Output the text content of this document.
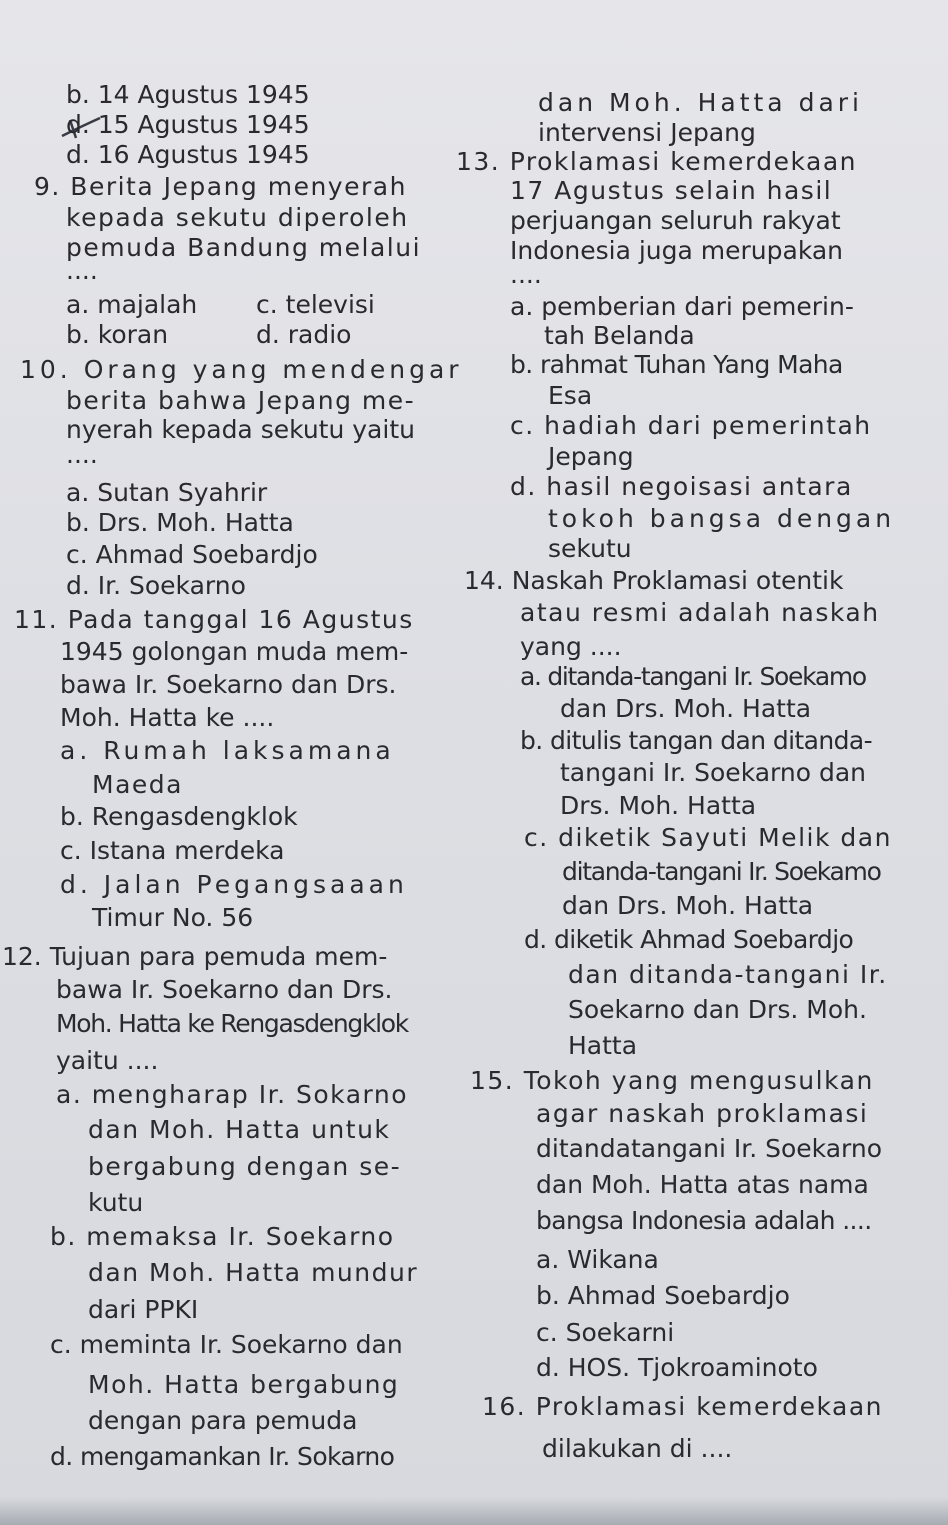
b. 14 Agustus 1945
d. 15 Agustus 1945
d. 16 Agustus 1945
9. Berita Jepang menyerah
kepada sekutu diperoleh
pemuda Bandung melalui
....
a. majalah c. televisi
b. koran	d. radio
10. Orang yang mendengar
berita bahwa Jepang me-
nyerah kepada sekutu yaitu
....
a. Sutan Syahrir
b. Drs. Moh. Hatta
c. Ahmad Soebardjo
d. Ir. Soekarno
11. Pada tanggal 16 Agustus
1945 golongan muda mem-
bawa Ir. Soekarno dan Drs.
Moh. Hatta ke ....
a. Rumah laksamana
Maeda
b. Rengasdengklok
c. Istana merdeka
d. Jalan Pegangsaaan
Timur No. 56
12. Tujuan para pemuda mem-
bawa Ir. Soekarno dan Drs.
Moh. Hatta ke Rengasdengklok
yaitu ....
a. mengharap Ir. Sokarno
dan Moh. Hatta untuk
bergabung dengan se-
kutu
b. memaksa Ir. Soekarno
dan Moh. Hatta mundur
dari PPKI
c. meminta Ir. Soekarno dan
Moh. Hatta bergabung
dengan para pemuda
d. mengamankan Ir. Sokarno
dan Moh. Hatta dari
intervensi Jepang
13. Proklamasi kemerdekaan
17 Agustus selain hasil
perjuangan seluruh rakyat
Indonesia juga merupakan
....
a. pemberian dari pemerin-
tah Belanda
b. rahmat Tuhan Yang Maha
Esa
c. hadiah dari pemerintah
Jepang
d. hasil negoisasi antara
tokoh bangsa dengan
sekutu
14. Naskah Proklamasi otentik
atau resmi adalah naskah
yang ....
a. ditanda-tangani Ir. Soekamo
dan Drs. Moh. Hatta
b. ditulis tangan dan ditanda-
tangani Ir. Soekarno dan
Drs. Moh. Hatta
c. diketik Sayuti Melik dan
ditanda-tangani Ir. Soekamo
dan Drs. Moh. Hatta
d. diketik Ahmad Soebardjo
dan ditanda-tangani Ir.
Soekarno dan Drs. Moh.
Hatta
15. Tokoh yang mengusulkan
agar naskah proklamasi
ditandatangani Ir. Soekarno
dan Moh. Hatta atas nama
bangsa Indonesia adalah ....
a. Wikana
b. Ahmad Soebardjo
c. Soekarni
d. HOS. Tjokroaminoto
16. Proklamasi kemerdekaan
dilakukan di ....
